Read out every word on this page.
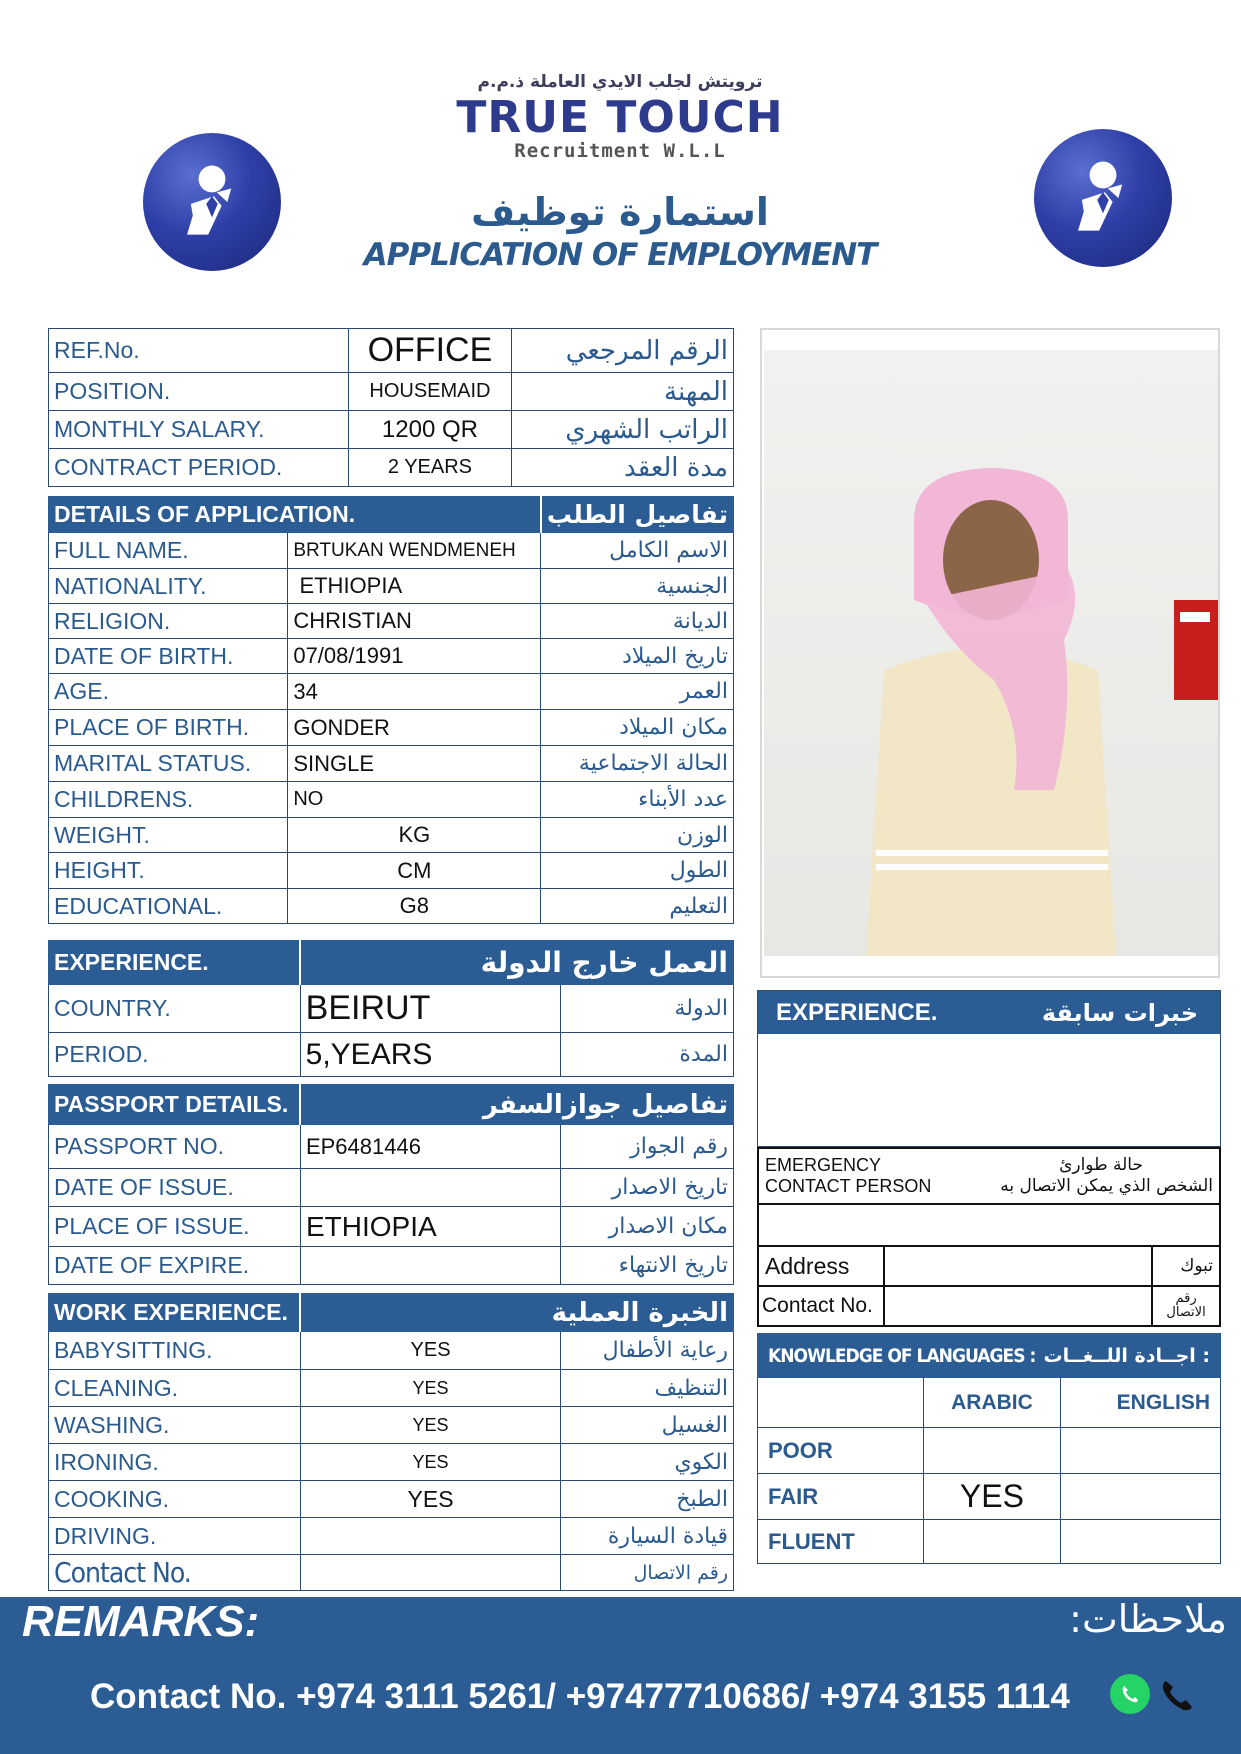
ترويتش لجلب الايدي العاملة ذ.م.م
TRUE TOUCH
Recruitment W.L.L
استمارة توظيف
APPLICATION OF EMPLOYMENT
REF.No.	OFFICE	الرقم المرجعي
POSITION.	HOUSEMAID	المهنة
MONTHLY SALARY.	1200 QR	الراتب الشهري
CONTRACT PERIOD.	2 YEARS	مدة العقد
DETAILS OF APPLICATION.		تفاصيل الطلب
FULL NAME.	BRTUKAN WENDMENEH	الاسم الكامل
NATIONALITY.	ETHIOPIA	الجنسية
RELIGION.	CHRISTIAN	الديانة
DATE OF BIRTH.	07/08/1991	تاريخ الميلاد
AGE.	34	العمر
PLACE OF BIRTH.	GONDER	مكان الميلاد
MARITAL STATUS.	SINGLE	الحالة الاجتماعية
CHILDRENS.	NO	عدد الأبناء
WEIGHT.	KG	الوزن
HEIGHT.	CM	الطول
EDUCATIONAL.	G8	التعليم
EXPERIENCE.	العمل خارج الدولة	
COUNTRY.	BEIRUT	الدولة
PERIOD.	5,YEARS	المدة
PASSPORT DETAILS.	تفاصيل جوازالسفر	
PASSPORT NO.	EP6481446	رقم الجواز
DATE OF ISSUE.		تاريخ الاصدار
PLACE OF ISSUE.	ETHIOPIA	مكان الاصدار
DATE OF EXPIRE.		تاريخ الانتهاء
WORK EXPERIENCE.	الخبرة العملية	
BABYSITTING.	YES	رعاية الأطفال
CLEANING.	YES	التنظيف
WASHING.	YES	الغسيل
IRONING.	YES	الكوي
COOKING.	YES	الطبخ
DRIVING.		قيادة السيارة
Contact No.		رقم الاتصال
EXPERIENCE.	خبرات سابقة
EMERGENCY حالة طوارئ
CONTACT PERSON الشخص الذي يمكن الاتصال به		

Address		تبوك
Contact No.		رقم الاتصال
KNOWLEDGE OF LANGUAGES : : اجــادة اللــغــات		

	ARABIC	ENGLISH
POOR		
FAIR	YES	
FLUENT		
REMARKS:	ملاحظات:
Contact No. +974 3111 5261/ +97477710686/ +974 3155 1114
